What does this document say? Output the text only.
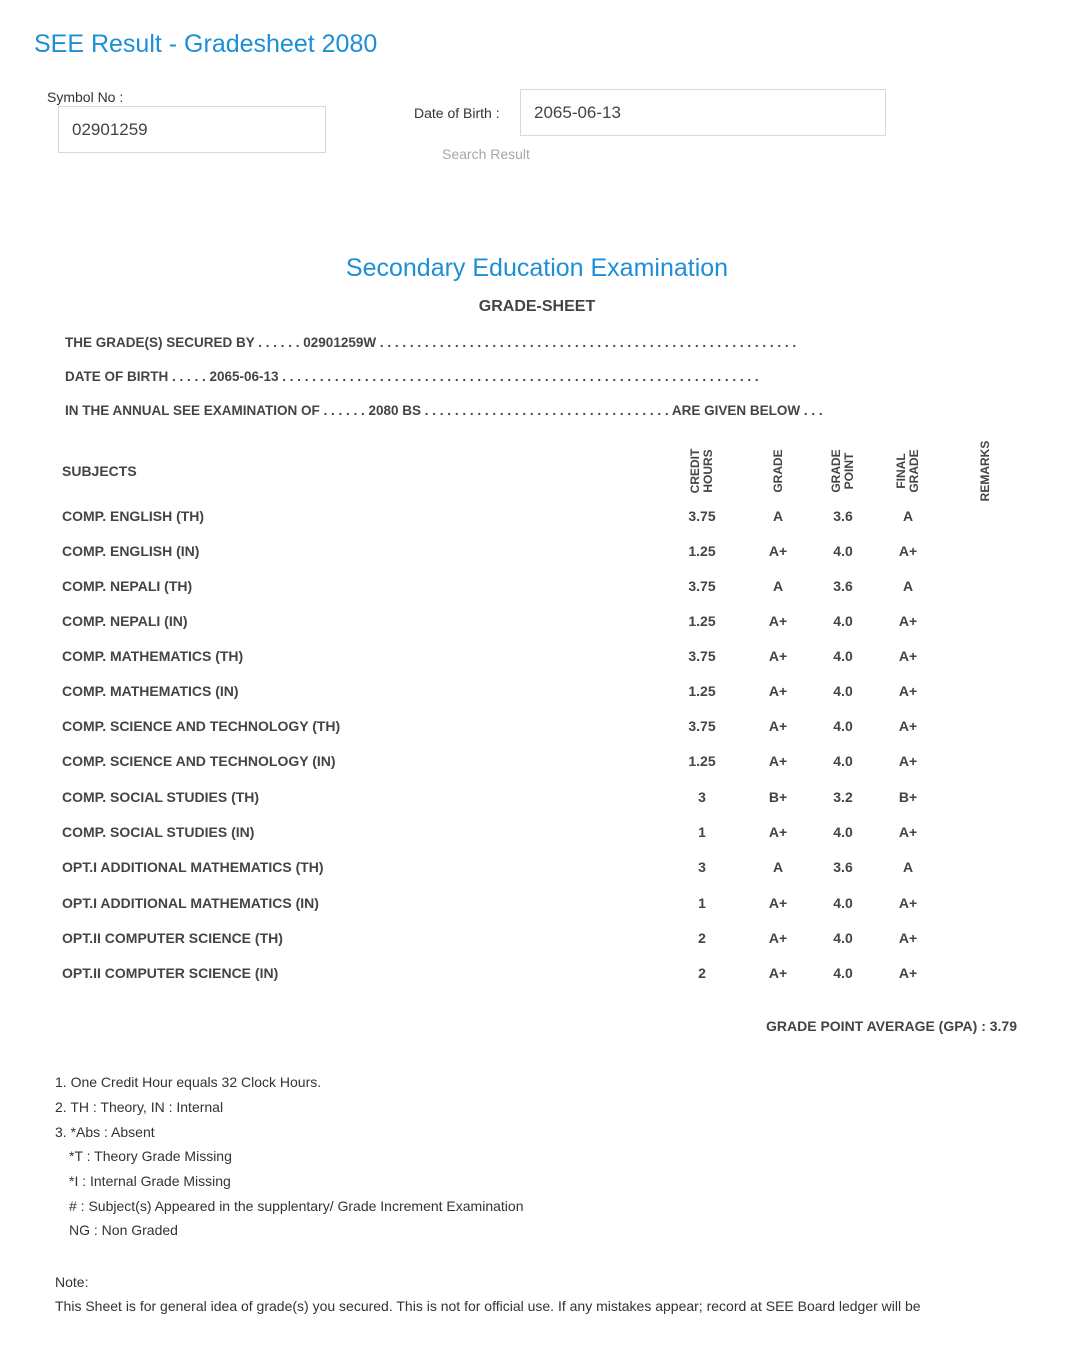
SEE Result - Gradesheet 2080
Symbol No :
02901259
Date of Birth :
2065-06-13
Search Result
Secondary Education Examination
GRADE-SHEET
THE GRADE(S) SECURED BY . . . . . . 02901259W . . . . . . . . . . . . . . . . . . . . . . . . . . . . . . . . . . . . . . . . . . . . . . . . . . . . . . . .
DATE OF BIRTH . . . . . 2065-06-13 . . . . . . . . . . . . . . . . . . . . . . . . . . . . . . . . . . . . . . . . . . . . . . . . . . . . . . . . . . . . . . . .
IN THE ANNUAL SEE EXAMINATION OF . . . . . . 2080 BS . . . . . . . . . . . . . . . . . . . . . . . . . . . . . . . . . ARE GIVEN BELOW . . .
SUBJECTS	CREDIT HOURS	GRADE	GRADE POINT	FINAL GRADE	REMARKS
COMP. ENGLISH (TH)	3.75	A	3.6	A
COMP. ENGLISH (IN)	1.25	A+	4.0	A+
COMP. NEPALI (TH)	3.75	A	3.6	A
COMP. NEPALI (IN)	1.25	A+	4.0	A+
COMP. MATHEMATICS (TH)	3.75	A+	4.0	A+
COMP. MATHEMATICS (IN)	1.25	A+	4.0	A+
COMP. SCIENCE AND TECHNOLOGY (TH)	3.75	A+	4.0	A+
COMP. SCIENCE AND TECHNOLOGY (IN)	1.25	A+	4.0	A+
COMP. SOCIAL STUDIES (TH)	3	B+	3.2	B+
COMP. SOCIAL STUDIES (IN)	1	A+	4.0	A+
OPT.I ADDITIONAL MATHEMATICS (TH)	3	A	3.6	A
OPT.I ADDITIONAL MATHEMATICS (IN)	1	A+	4.0	A+
OPT.II COMPUTER SCIENCE (TH)	2	A+	4.0	A+
OPT.II COMPUTER SCIENCE (IN)	2	A+	4.0	A+
GRADE POINT AVERAGE (GPA) : 3.79
1. One Credit Hour equals 32 Clock Hours.
2. TH : Theory, IN : Internal
3. *Abs : Absent
*T : Theory Grade Missing
*I : Internal Grade Missing
# : Subject(s) Appeared in the supplentary/ Grade Increment Examination
NG : Non Graded
Note:
This Sheet is for general idea of grade(s) you secured. This is not for official use. If any mistakes appear; record at SEE Board ledger will be
